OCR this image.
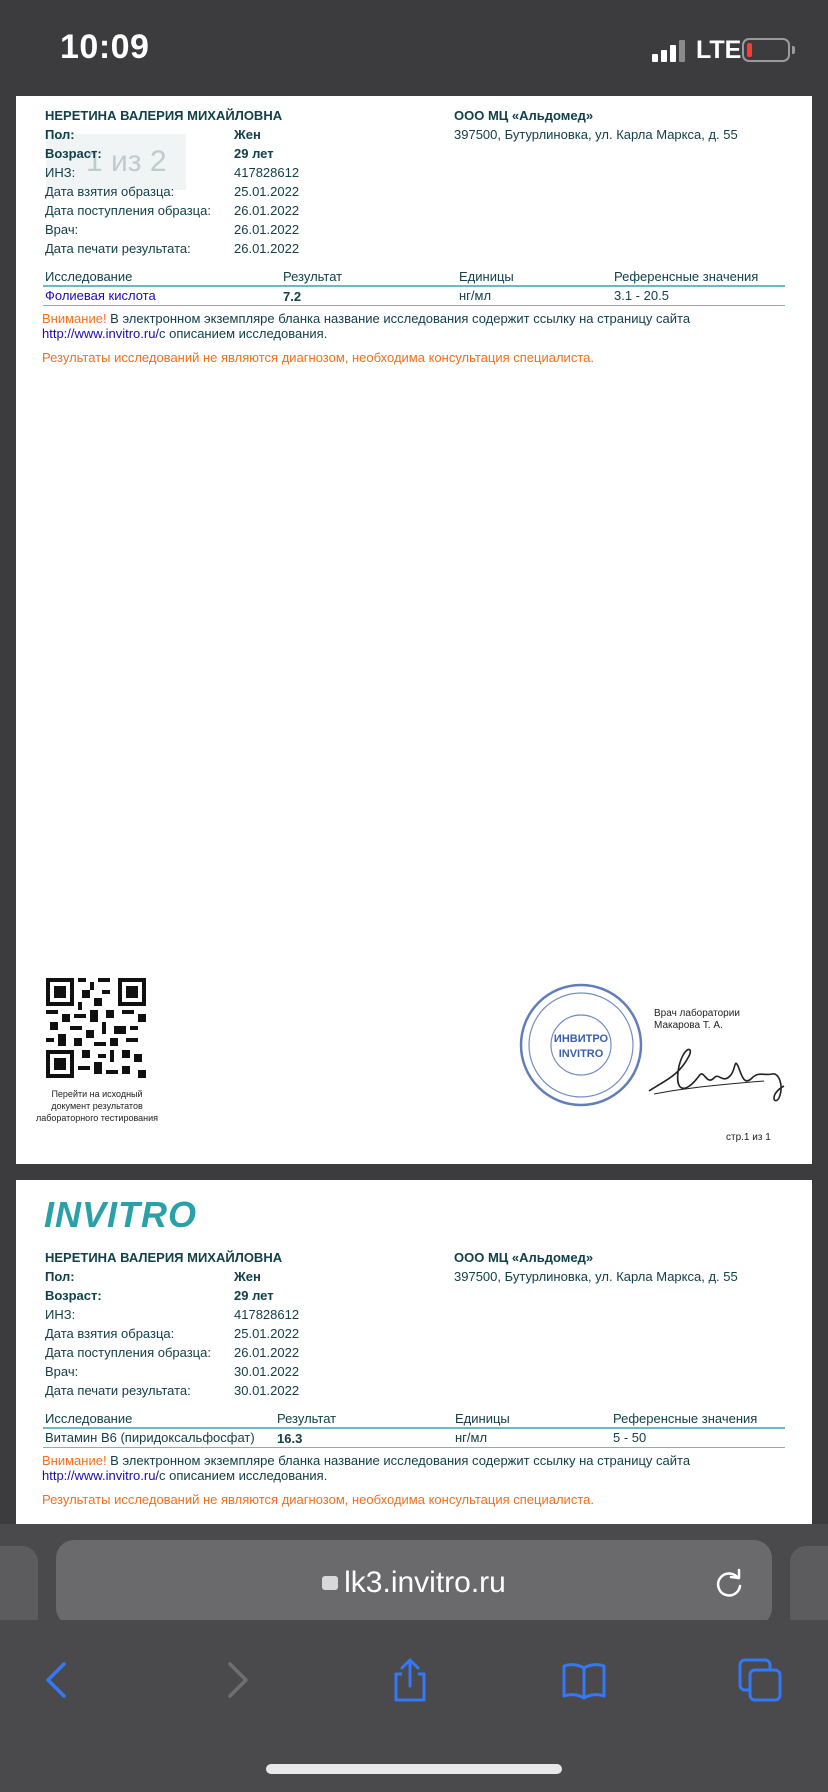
10:09	LTE
1 из 2
НЕРЕТИНА ВАЛЕРИЯ МИХАЙЛОВНА	ООО МЦ «Альдомед»
397500, Бутурлиновка, ул. Карла Маркса, д. 55
Пол:	Жен
Возраст:	29 лет
ИНЗ:	417828612
Дата взятия образца:	25.01.2022
Дата поступления образца: 26.01.2022
Врач:	26.01.2022
Дата печати результата:	26.01.2022
Исследование	Результат	Единицы	Референсные значения
Фолиевая кислота	7.2	нг/мл	3.1 - 20.5
Внимание! В электронном экземпляре бланка название исследования содержит ссылку на страницу сайта
http://www.invitro.ru/с описанием исследования.
Результаты исследований не являются диагнозом, необходима консультация специалиста.
Перейти на исходный документ результатов лабораторного тестирования
ИНВИТРО
INVITRO
Врач лаборатории
Макарова Т. А.
стр.1 из 1
INVITRO
НЕРЕТИНА ВАЛЕРИЯ МИХАЙЛОВНА	ООО МЦ «Альдомед»
397500, Бутурлиновка, ул. Карла Маркса, д. 55
Пол:	Жен
Возраст:	29 лет
ИНЗ:	417828612
Дата взятия образца:	25.01.2022
Дата поступления образца: 26.01.2022
Врач:	30.01.2022
Дата печати результата:	30.01.2022
Исследование	Результат	Единицы	Референсные значения
Витамин В6 (пиридоксальфосфат) 16.3	нг/мл	5 - 50
Внимание! В электронном экземпляре бланка название исследования содержит ссылку на страницу сайта
http://www.invitro.ru/с описанием исследования.
Результаты исследований не являются диагнозом, необходима консультация специалиста.
lk3.invitro.ru
